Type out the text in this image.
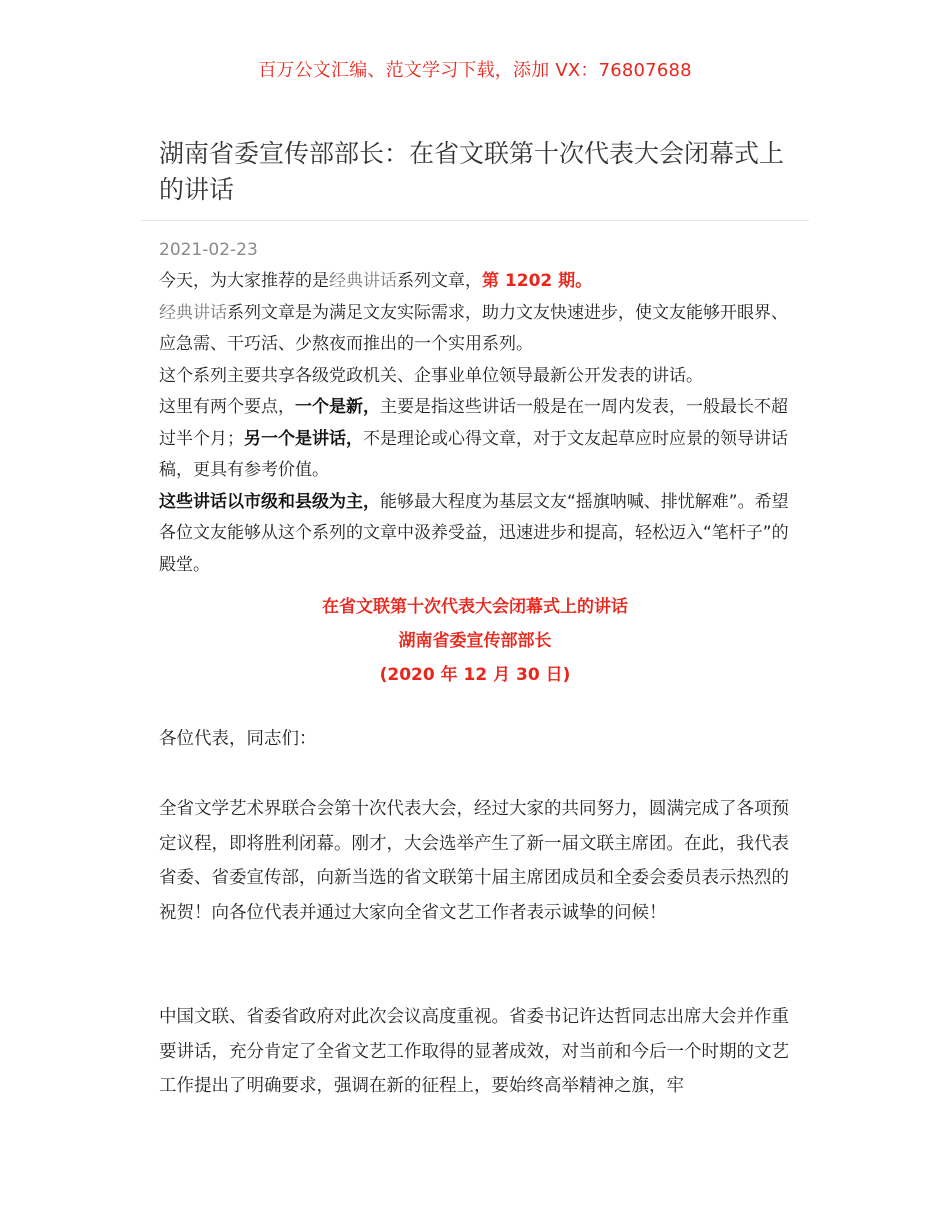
百万公文汇编、范文学习下载，添加 VX：76807688
湖南省委宣传部部长：在省文联第十次代表大会闭幕式上的讲话
2021-02-23

今天，为大家推荐的是经典讲话系列文章，第 1202 期。

经典讲话系列文章是为满足文友实际需求，助力文友快速进步，使文友能够开眼界、应急需、干巧活、少熬夜而推出的一个实用系列。

这个系列主要共享各级党政机关、企事业单位领导最新公开发表的讲话。

这里有两个要点，一个是新，主要是指这些讲话一般是在一周内发表，一般最长不超过半个月；另一个是讲话，不是理论或心得文章，对于文友起草应时应景的领导讲话稿，更具有参考价值。

这些讲话以市级和县级为主，能够最大程度为基层文友“摇旗呐喊、排忧解难”。希望各位文友能够从这个系列的文章中汲养受益，迅速进步和提高，轻松迈入“笔杆子”的殿堂。

在省文联第十次代表大会闭幕式上的讲话
湖南省委宣传部部长
(2020 年 12 月 30 日)

各位代表，同志们：

全省文学艺术界联合会第十次代表大会，经过大家的共同努力，圆满完成了各项预定议程，即将胜利闭幕。刚才，大会选举产生了新一届文联主席团。在此，我代表省委、省委宣传部，向新当选的省文联第十届主席团成员和全委会委员表示热烈的祝贺！向各位代表并通过大家向全省文艺工作者表示诚挚的问候！

中国文联、省委省政府对此次会议高度重视。省委书记许达哲同志出席大会并作重要讲话，充分肯定了全省文艺工作取得的显著成效，对当前和今后一个时期的文艺工作提出了明确要求，强调在新的征程上，要始终高举精神之旗，牢
